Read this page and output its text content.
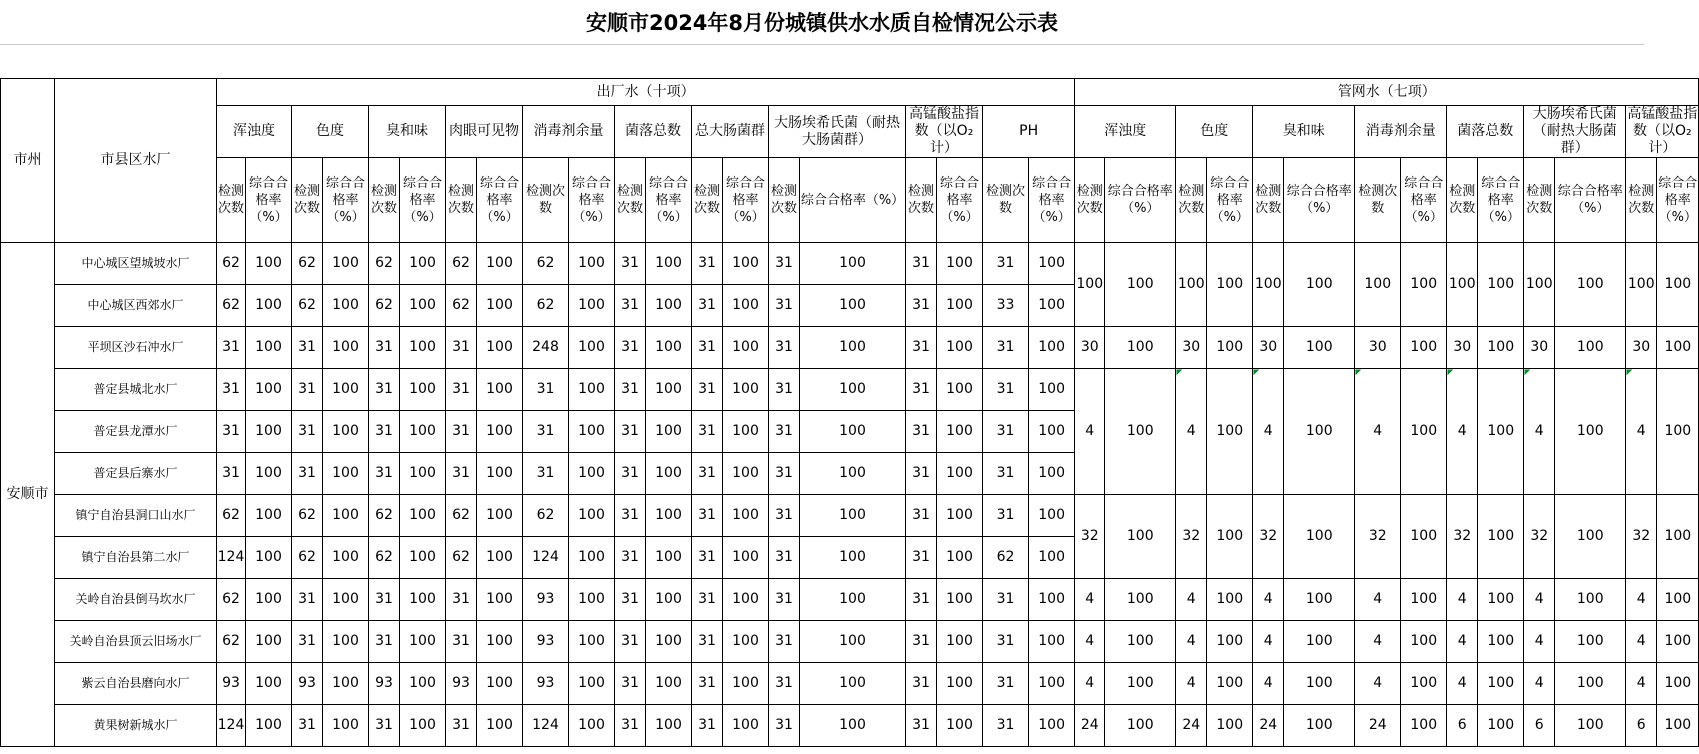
安顺市2024年8月份城镇供水水质自检情况公示表
市州	市县区水厂	出厂水（十项）																				管网水（七项）													
		浑浊度		色度		臭和味		肉眼可见物		消毒剂余量		菌落总数		总大肠菌群		大肠埃希氏菌（耐热大肠菌群）		高锰酸盐指数（以O₂计）		PH		浑浊度		色度		臭和味		消毒剂余量		菌落总数		大肠埃希氏菌（耐热大肠菌群）		高锰酸盐指数（以O₂计）	
		检测次数	综合合格率（%）	检测次数	综合合格率（%）	检测次数	综合合格率（%）	检测次数	综合合格率（%）	检测次数	综合合格率（%）	检测次数	综合合格率（%）	检测次数	综合合格率（%）	检测次数	综合合格率（%）	检测次数	综合合格率（%）	检测次数	综合合格率（%）	检测次数	综合合格率（%）	检测次数	综合合格率（%）	检测次数	综合合格率（%）	检测次数	综合合格率（%）	检测次数	综合合格率（%）	检测次数	综合合格率（%）	检测次数	综合合格率（%）
安顺市	中心城区望城坡水厂	62	100	62	100	62	100	62	100	62	100	31	100	31	100	31	100	31	100	31	100	100	100	100	100	100	100	100	100	100	100	100	100	100	100
	中心城区西郊水厂	62	100	62	100	62	100	62	100	62	100	31	100	31	100	31	100	31	100	33	100														
	平坝区沙石冲水厂	31	100	31	100	31	100	31	100	248	100	31	100	31	100	31	100	31	100	31	100	30	100	30	100	30	100	30	100	30	100	30	100	30	100
	普定县城北水厂	31	100	31	100	31	100	31	100	31	100	31	100	31	100	31	100	31	100	31	100	4	100	4	100	4	100	4	100	4	100	4	100	4	100
	普定县龙潭水厂	31	100	31	100	31	100	31	100	31	100	31	100	31	100	31	100	31	100	31	100														
	普定县后寨水厂	31	100	31	100	31	100	31	100	31	100	31	100	31	100	31	100	31	100	31	100														
	镇宁自治县洞口山水厂	62	100	62	100	62	100	62	100	62	100	31	100	31	100	31	100	31	100	31	100	32	100	32	100	32	100	32	100	32	100	32	100	32	100
	镇宁自治县第二水厂	124	100	62	100	62	100	62	100	124	100	31	100	31	100	31	100	31	100	62	100														
	关岭自治县倒马坎水厂	62	100	31	100	31	100	31	100	93	100	31	100	31	100	31	100	31	100	31	100	4	100	4	100	4	100	4	100	4	100	4	100	4	100
	关岭自治县顶云旧场水厂	62	100	31	100	31	100	31	100	93	100	31	100	31	100	31	100	31	100	31	100	4	100	4	100	4	100	4	100	4	100	4	100	4	100
	紫云自治县磨向水厂	93	100	93	100	93	100	93	100	93	100	31	100	31	100	31	100	31	100	31	100	4	100	4	100	4	100	4	100	4	100	4	100	4	100
	黄果树新城水厂	124	100	31	100	31	100	31	100	124	100	31	100	31	100	31	100	31	100	31	100	24	100	24	100	24	100	24	100	6	100	6	100	6	100
